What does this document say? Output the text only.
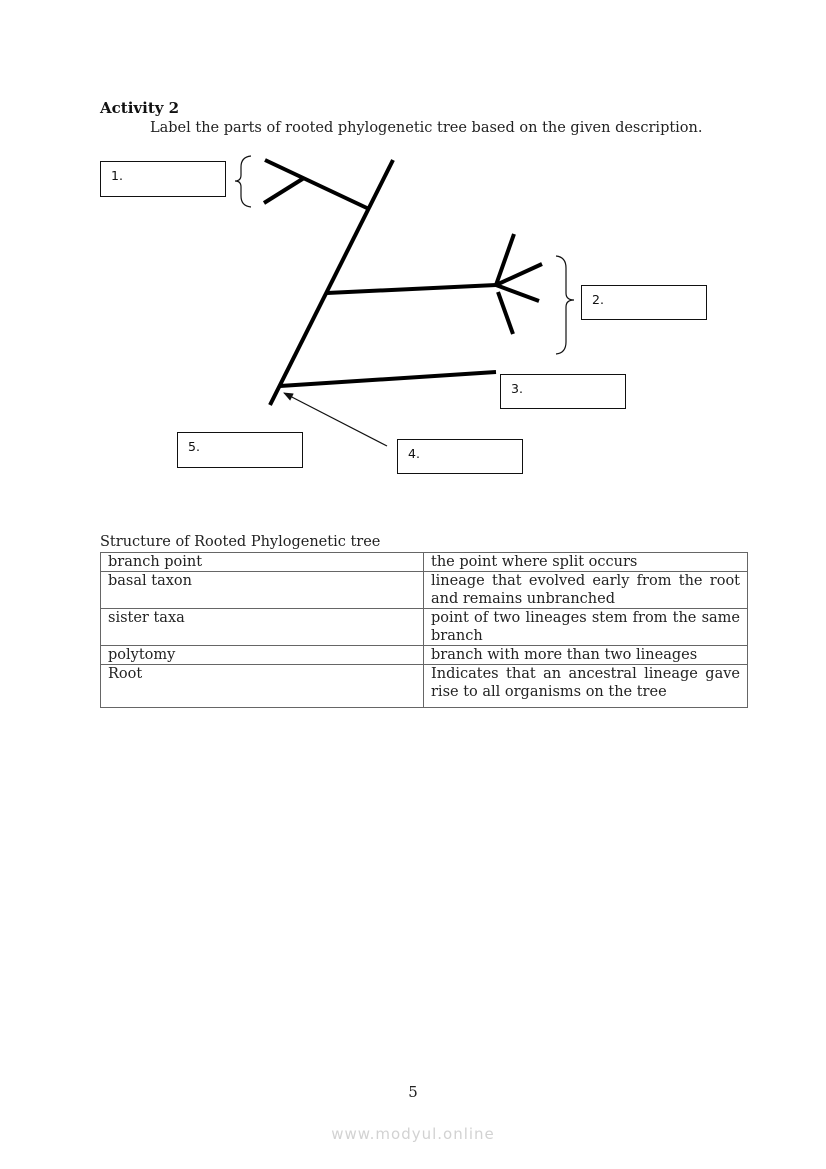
Activity 2
Label the parts of rooted phylogenetic tree based on the given description.
1.
2.
3.
4.
5.
Structure of Rooted Phylogenetic tree
branch point	the point where split occurs
basal taxon	lineage that evolved early from the root and remains unbranched
sister taxa	point of two lineages stem from the same branch
polytomy	branch with more than two lineages
Root	Indicates that an ancestral lineage gave rise to all organisms on the tree
5
www.modyul.online
